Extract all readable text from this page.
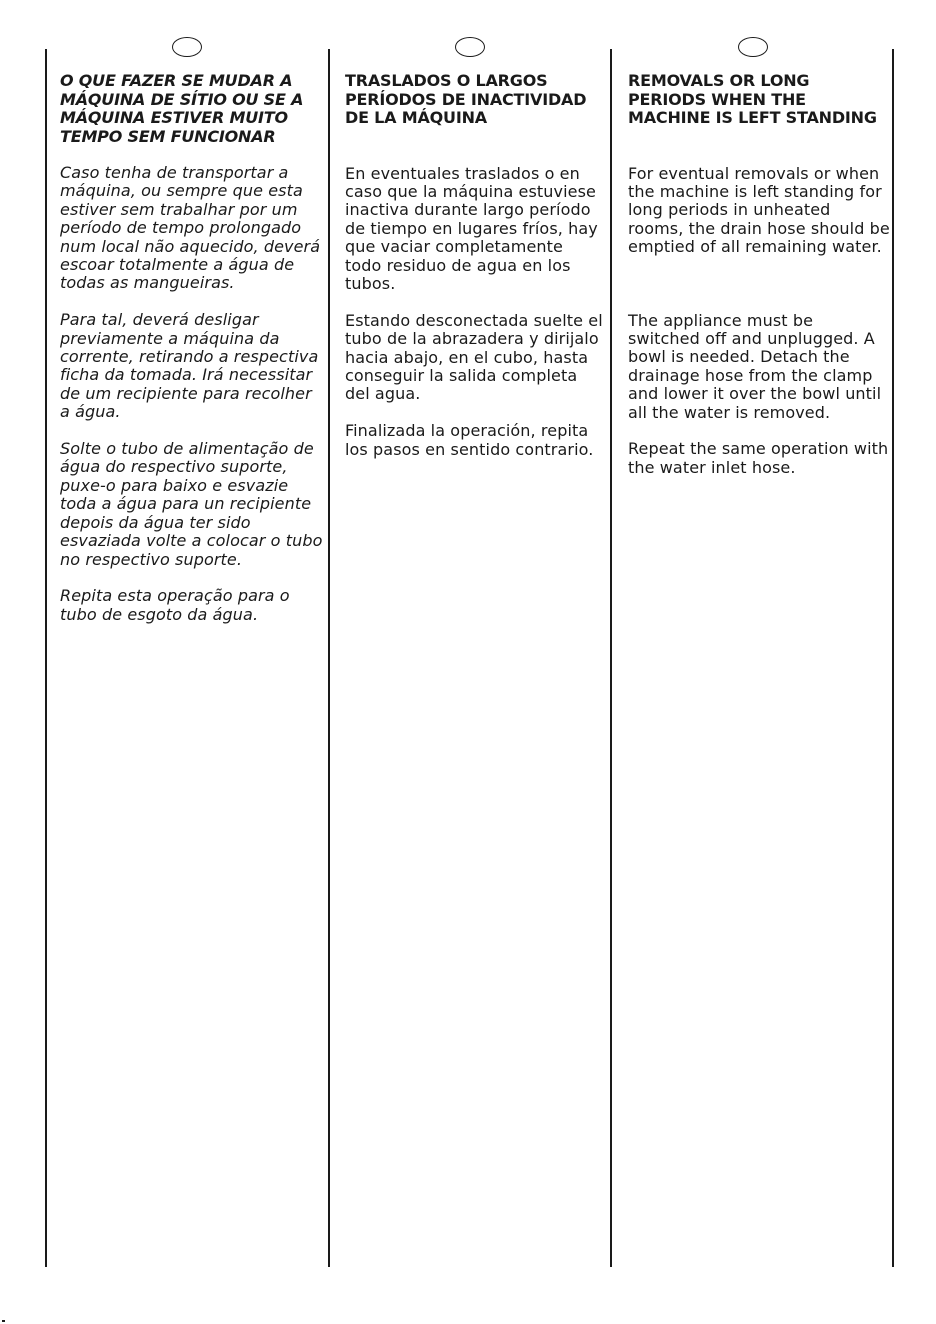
O QUE FAZER SE MUDAR A MÁQUINA DE SÍTIO OU SE A MÁQUINA ESTIVER MUITO TEMPO SEM FUNCIONAR

Caso tenha de transportar a máquina, ou sempre que esta estiver sem trabalhar por um período de tempo prolongado num local não aquecido, deverá escoar totalmente a água de todas as mangueiras.

Para tal, deverá desligar previamente a máquina da corrente, retirando a respectiva ficha da tomada. Irá necessitar de um recipiente para recolher a água.

Solte o tubo de alimentação de água do respectivo suporte, puxe-o para baixo e esvazie toda a água para un recipiente depois da água ter sido esvaziada volte a colocar o tubo no respectivo suporte.

Repita esta operação para o tubo de esgoto da água.

TRASLADOS O LARGOS PERÍODOS DE INACTIVIDAD DE LA MÁQUINA

En eventuales traslados o en caso que la máquina estuviese inactiva durante largo período de tiempo en lugares fríos, hay que vaciar completamente todo residuo de agua en los tubos.

Estando desconectada suelte el tubo de la abrazadera y dirijalo hacia abajo, en el cubo, hasta conseguir la salida completa del agua.

Finalizada la operación, repita los pasos en sentido contrario.

REMOVALS OR LONG PERIODS WHEN THE MACHINE IS LEFT STANDING

For eventual removals or when the machine is left standing for long periods in unheated rooms, the drain hose should be emptied of all remaining water.

The appliance must be switched off and unplugged. A bowl is needed. Detach the drainage hose from the clamp and lower it over the bowl until all the water is removed.

Repeat the same operation with the water inlet hose.
